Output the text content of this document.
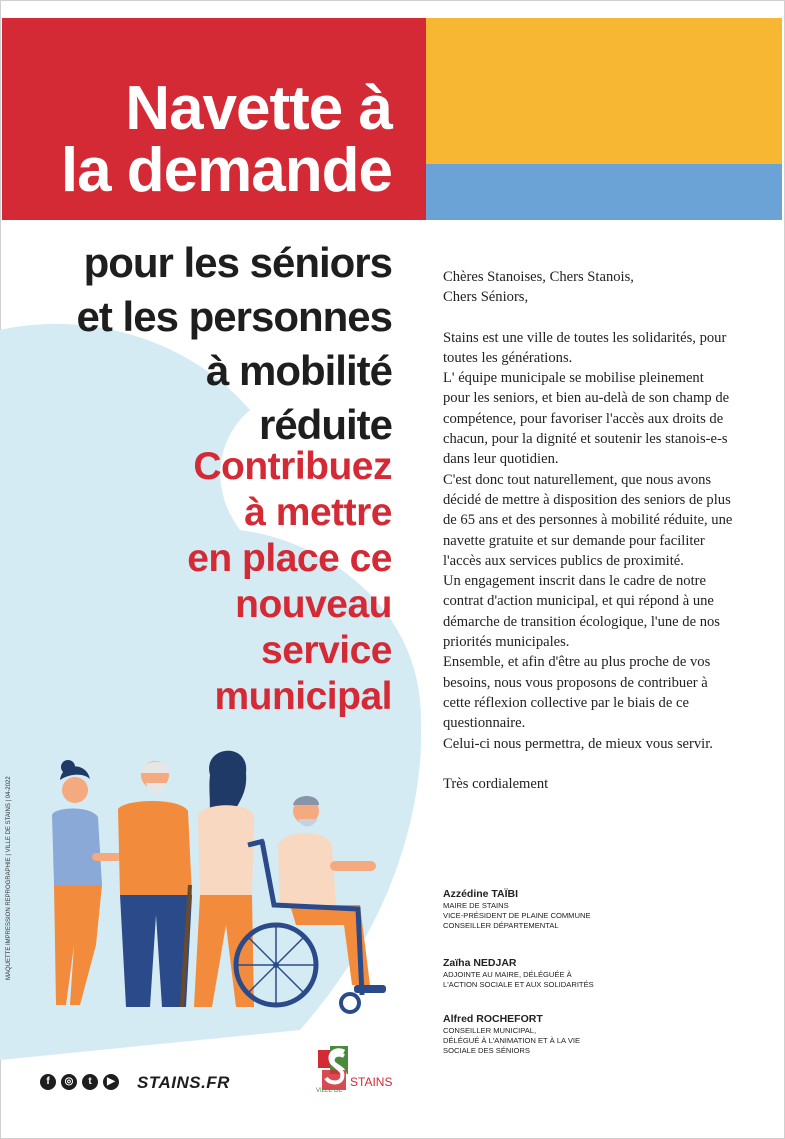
Navette à
la demande
pour les séniors
et les personnes
à mobilité
réduite
Contribuez
à mettre
en place ce
nouveau
service
municipal

Chères Stanoises, Chers Stanois,

Chers Séniors,

Stains est une ville de toutes les solidarités, pour toutes les générations.

L' équipe municipale se mobilise pleinement pour les seniors, et bien au-delà de son champ de compétence, pour favoriser l'accès aux droits de chacun, pour la dignité et soutenir les stanois-e-s dans leur quotidien.

C'est donc tout naturellement, que nous avons décidé de mettre à disposition des seniors de plus de 65 ans et des personnes à mobilité réduite, une navette gratuite et sur demande pour faciliter l'accès aux services publics de proximité.

Un engagement inscrit dans le cadre de notre contrat d'action municipal, et qui répond à une démarche de transition écologique, l'une de nos priorités municipales.

Ensemble, et afin d'être au plus proche de vos besoins, nous vous proposons de contribuer à cette réflexion collective par le biais de ce questionnaire.

Celui-ci nous permettra, de mieux vous servir.

Très cordialement

Azzédine TAÏBI
MAIRE DE STAINS
VICE-PRÉSIDENT DE PLAINE COMMUNE
CONSEILLER DÉPARTEMENTAL
Zaïha NEDJAR
ADJOINTE AU MAIRE, DÉLÉGUÉE À
L'ACTION SOCIALE ET AUX SOLIDARITÉS
Alfred ROCHEFORT
CONSEILLER MUNICIPAL,
DÉLÉGUÉ À L'ANIMATION ET À LA VIE
SOCIALE DES SÉNIORS
MAQUETTE IMPRESSION REPROGRAPHIE | VILLE DE STAINS | 04-2022
f	◎	t	▶ STAINS.FR	STAINS
VILLE DE
